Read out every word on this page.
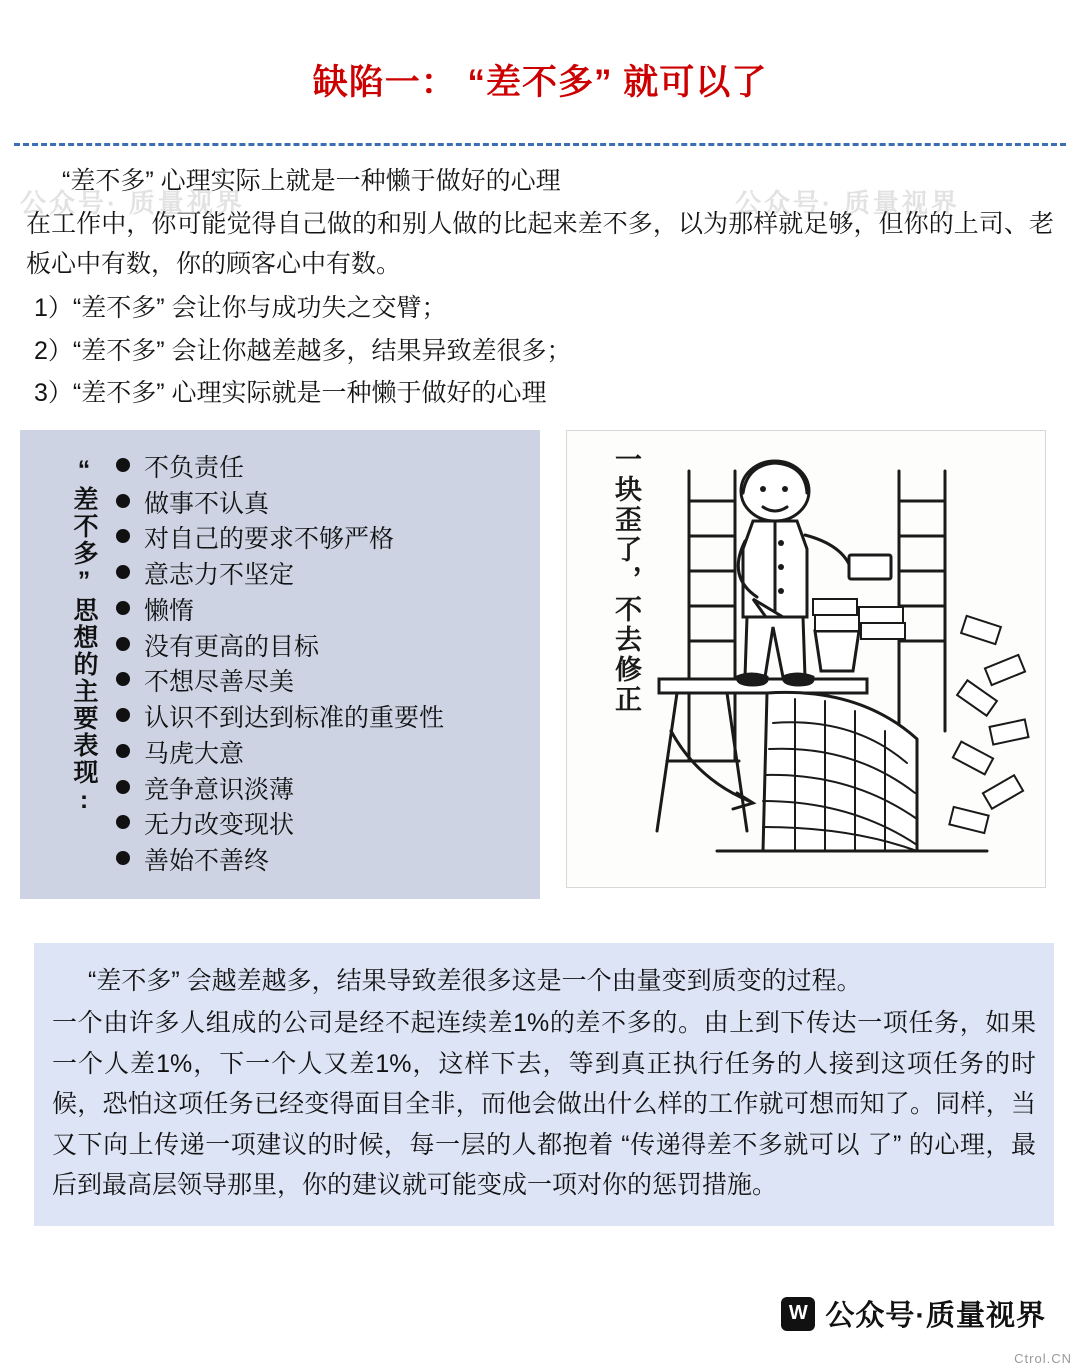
公众号· 质量视界	公众号· 质量视界
缺陷一： “差不多” 就可以了

“差不多” 心理实际上就是一种懒于做好的心理

在工作中，你可能觉得自己做的和别人做的比起来差不多，以为那样就足够，但你的上司、老板心中有数，你的顾客心中有数。

1）“差不多” 会让你与成功失之交臂；

2）“差不多” 会让你越差越多，结果异致差很多；

3）“差不多” 心理实际就是一种懒于做好的心理

“差不多”思想的主要表现: 不负责任
做事不认真
对自己的要求不够严格
意志力不坚定
懒惰
没有更高的目标
不想尽善尽美
认识不到达到标准的重要性
马虎大意
竞争意识淡薄
无力改变现状
善始不善终
一块歪了，不去修正

“差不多” 会越差越多，结果导致差很多这是一个由量变到质变的过程。

一个由许多人组成的公司是经不起连续差1%的差不多的。由上到下传达一项任务，如果一个人差1%，下一个人又差1%，这样下去，等到真正执行任务的人接到这项任务的时候，恐怕这项任务已经变得面目全非，而他会做出什么样的工作就可想而知了。同样，当又下向上传递一项建议的时候，每一层的人都抱着 “传递得差不多就可以 了” 的心理，最后到最高层领导那里，你的建议就可能变成一项对你的惩罚措施。

W 公众号·质量视界
Ctrol.CN
